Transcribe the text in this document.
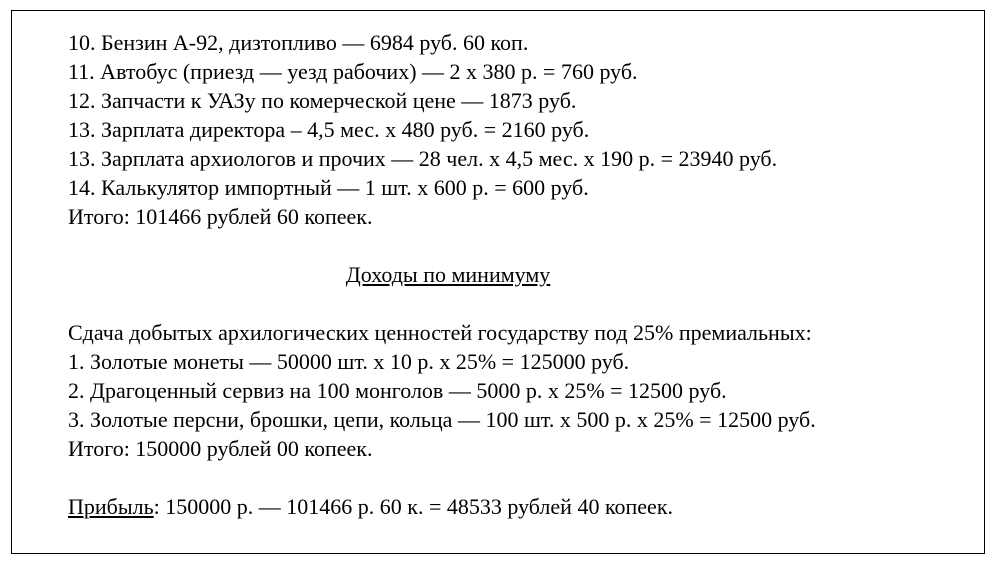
10. Бензин А-92, дизтопливо — 6984 руб. 60 коп.
11. Автобус (приезд — уезд рабочих) — 2 х 380 р. = 760 руб.
12. Запчасти к УАЗу по комерческой цене — 1873 руб.
13. Зарплата директора – 4,5 мес. х 480 руб. = 2160 руб.
13. Зарплата архиологов и прочих — 28 чел. х 4,5 мес. х 190 р. = 23940 руб.
14. Калькулятор импортный — 1 шт. х 600 р. = 600 руб.
Итого: 101466 рублей 60 копеек.
Доходы по минимуму
Сдача добытых архилогических ценностей государству под 25% премиальных:
1. Золотые монеты — 50000 шт. х 10 р. х 25% = 125000 руб.
2. Драгоценный сервиз на 100 монголов — 5000 р. х 25% = 12500 руб.
3. Золотые персни, брошки, цепи, кольца — 100 шт. х 500 р. х 25% = 12500 руб.
Итого: 150000 рублей 00 копеек.
Прибыль: 150000 р. — 101466 р. 60 к. = 48533 рублей 40 копеек.
